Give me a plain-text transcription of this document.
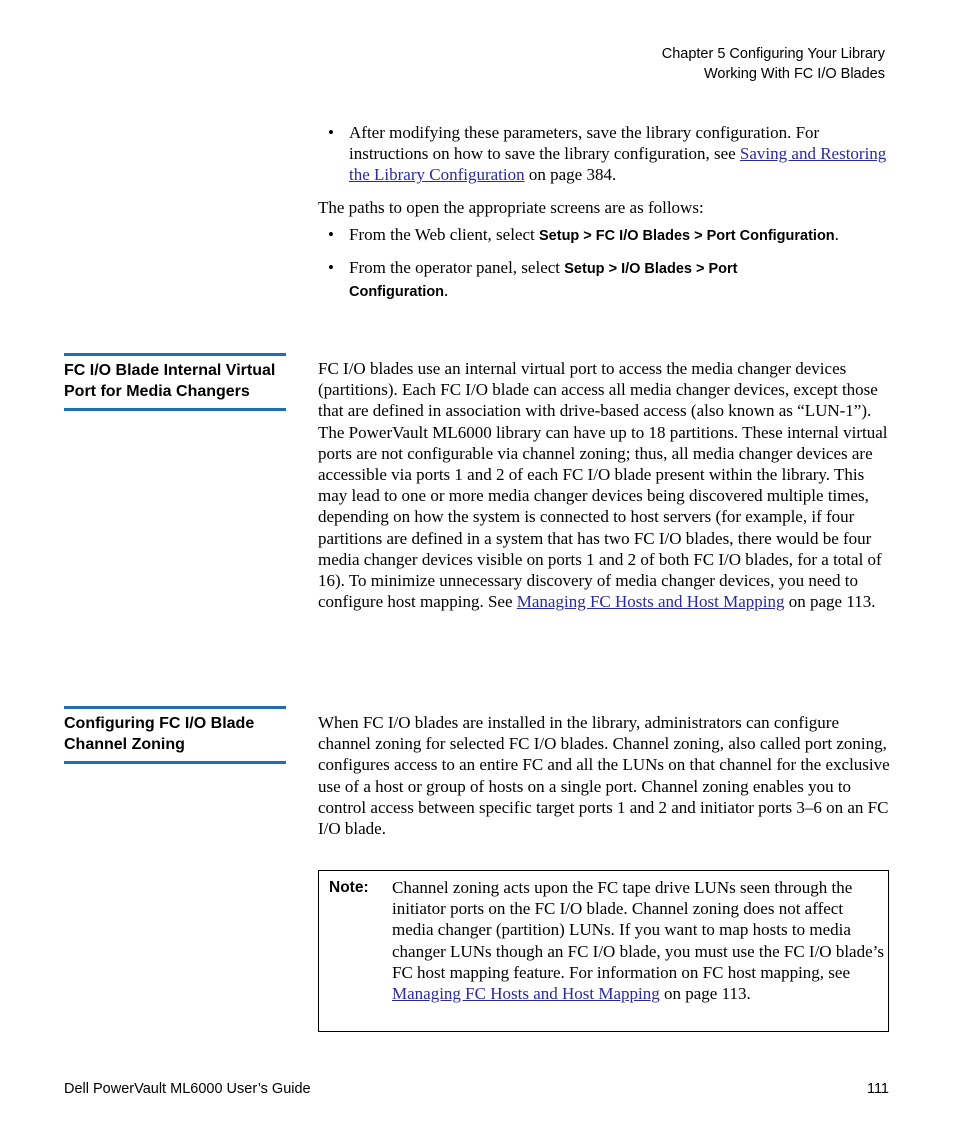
Chapter 5 Configuring Your Library
Working With FC I/O Blades
• After modifying these parameters, save the library configuration. For instructions on how to save the library configuration, see Saving and Restoring the Library Configuration on page 384.

The paths to open the appropriate screens are as follows:

• From the Web client, select Setup > FC I/O Blades > Port Configuration.
• From the operator panel, select Setup > I/O Blades > Port Configuration.
FC I/O Blade Internal Virtual Port for Media Changers
FC I/O blades use an internal virtual port to access the media changer devices (partitions). Each FC I/O blade can access all media changer devices, except those that are defined in association with drive-based access (also known as “LUN-1”). The PowerVault ML6000 library can have up to 18 partitions. These internal virtual ports are not configurable via channel zoning; thus, all media changer devices are accessible via ports 1 and 2 of each FC I/O blade present within the library. This may lead to one or more media changer devices being discovered multiple times, depending on how the system is connected to host servers (for example, if four partitions are defined in a system that has two FC I/O blades, there would be four media changer devices visible on ports 1 and 2 of both FC I/O blades, for a total of 16). To minimize unnecessary discovery of media changer devices, you need to configure host mapping. See Managing FC Hosts and Host Mapping on page 113.
Configuring FC I/O Blade Channel Zoning
When FC I/O blades are installed in the library, administrators can configure channel zoning for selected FC I/O blades. Channel zoning, also called port zoning, configures access to an entire FC and all the LUNs on that channel for the exclusive use of a host or group of hosts on a single port. Channel zoning enables you to control access between specific target ports 1 and 2 and initiator ports 3–6 on an FC I/O blade.
Note: Channel zoning acts upon the FC tape drive LUNs seen through the initiator ports on the FC I/O blade. Channel zoning does not affect media changer (partition) LUNs. If you want to map hosts to media changer LUNs though an FC I/O blade, you must use the FC I/O blade’s FC host mapping feature. For information on FC host mapping, see Managing FC Hosts and Host Mapping on page 113.
Dell PowerVault ML6000 User’s Guide	111
